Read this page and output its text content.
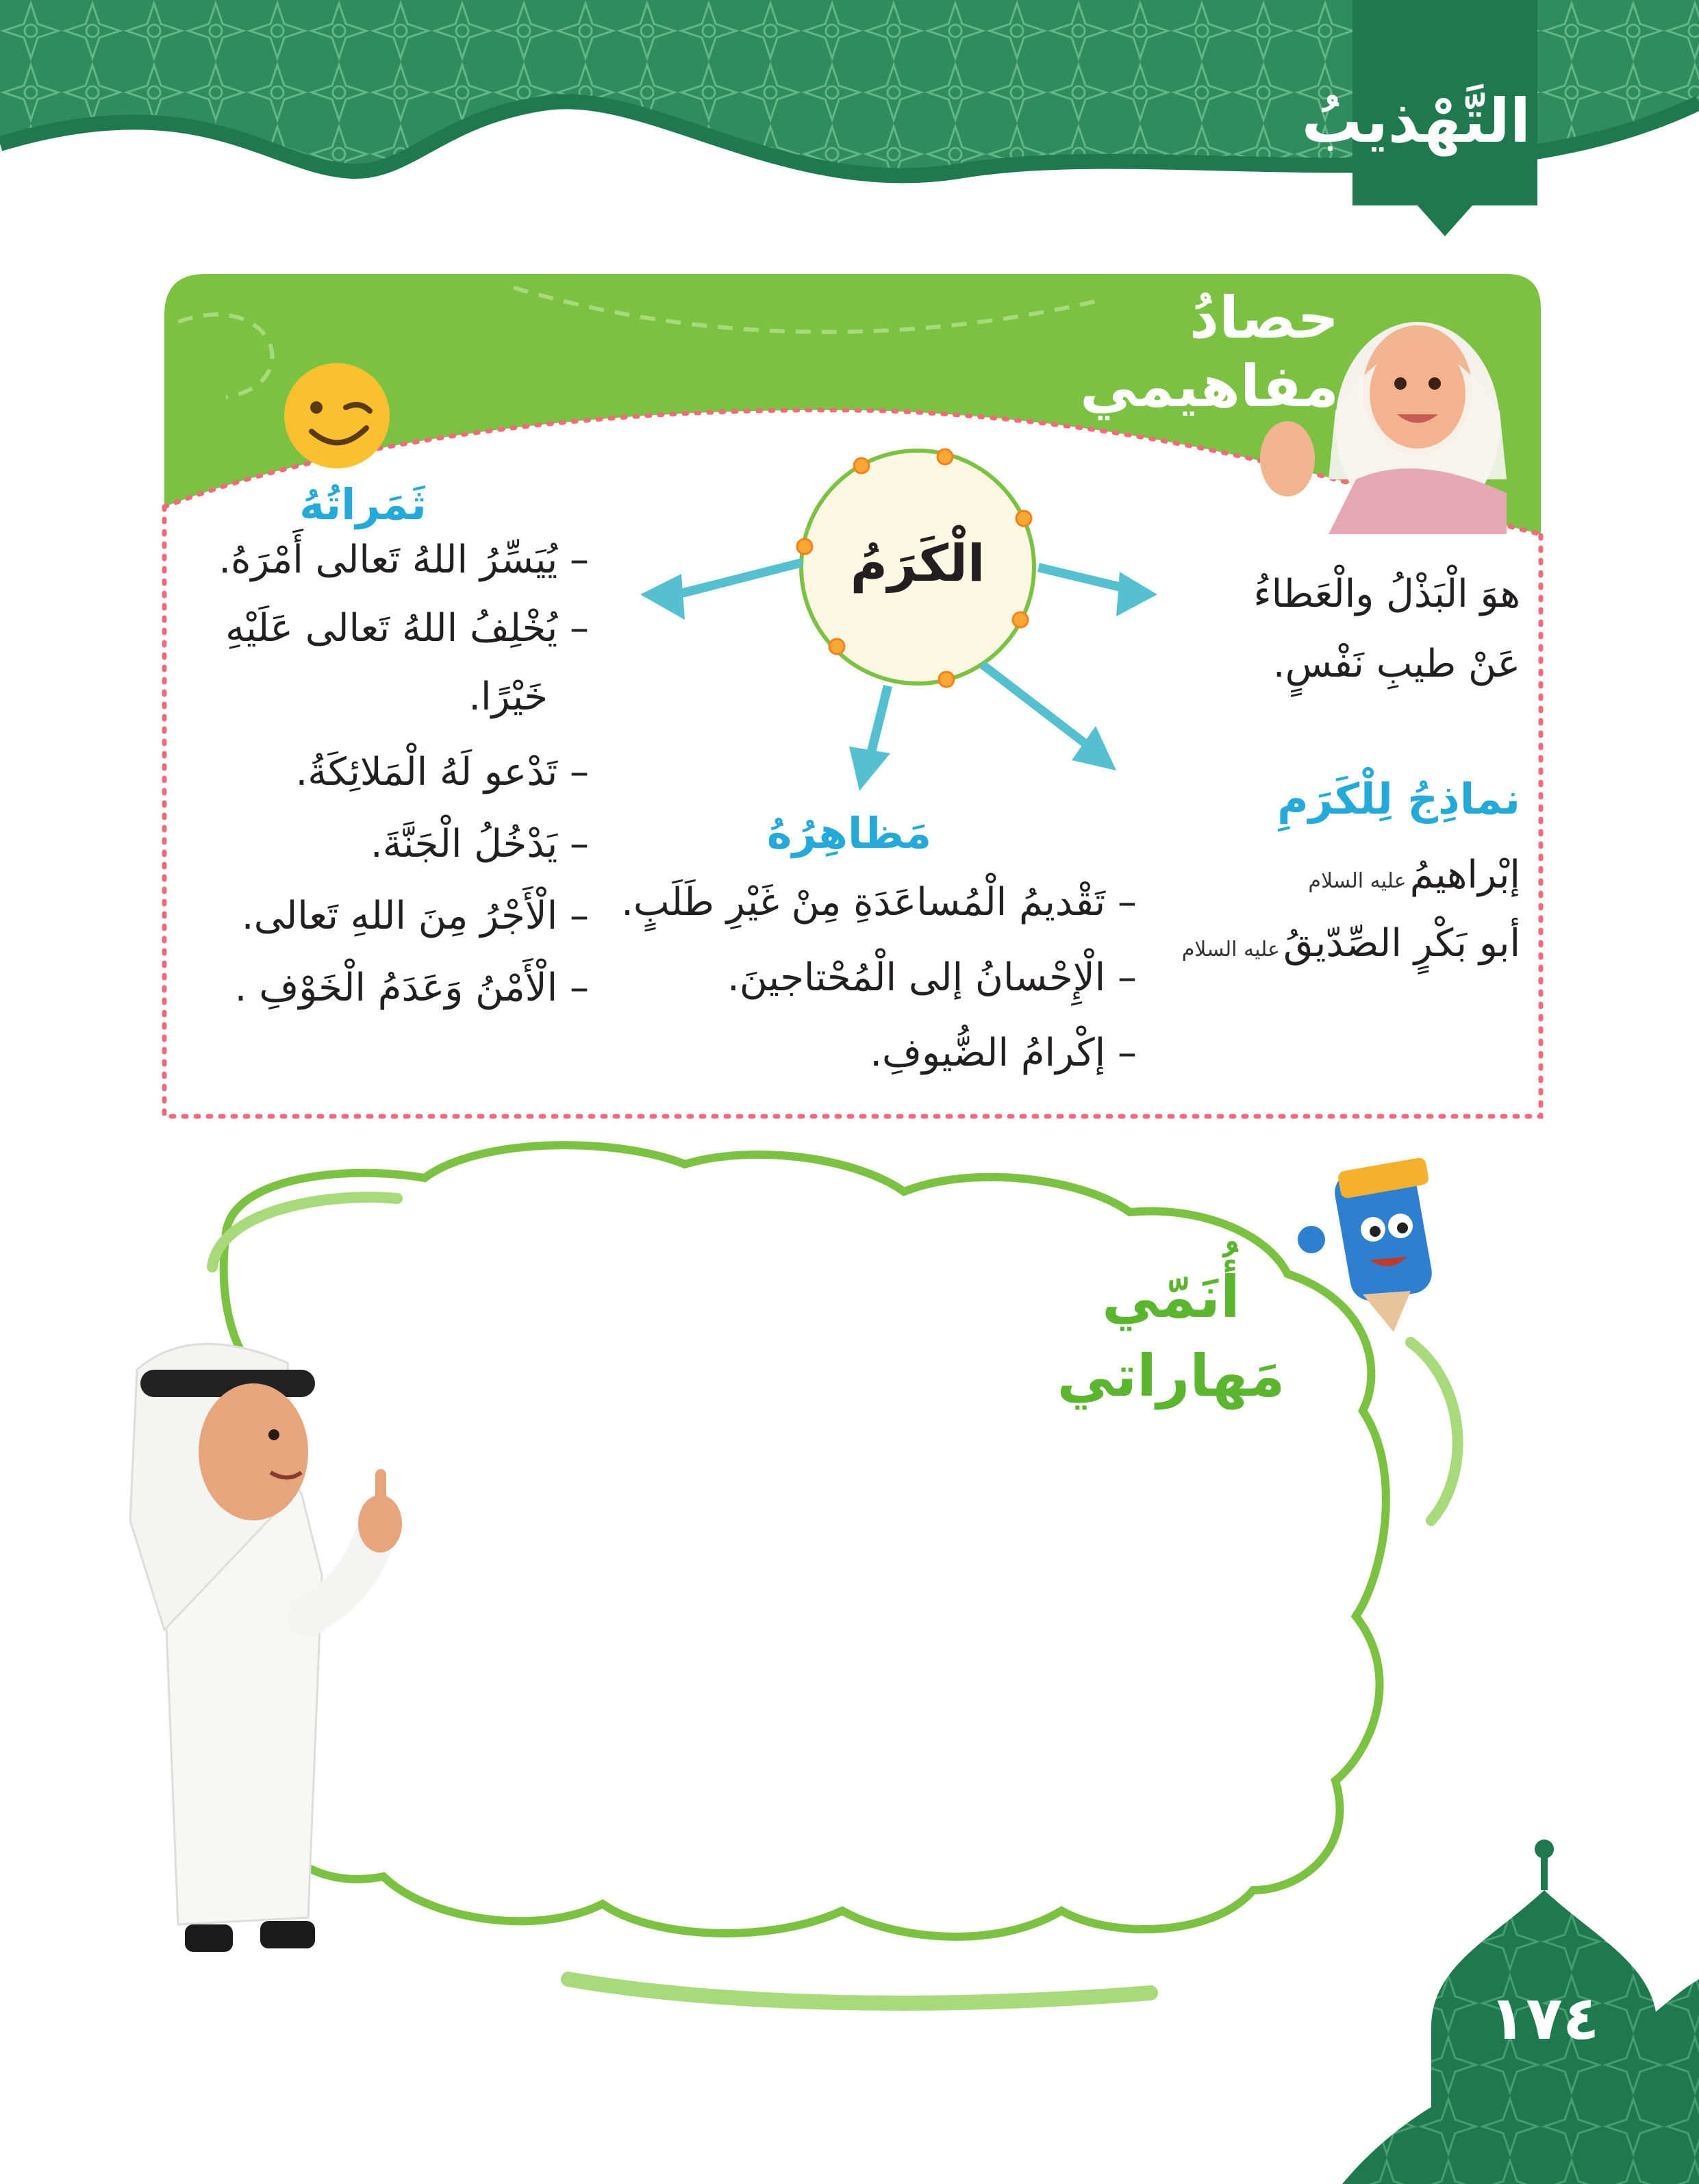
التَّهْذيبُ
حصادُ
مفاهيمي
الْكَرَمُ
ثَمَراتُهُ
– يُيَسِّرُ اللهُ تَعالى أَمْرَهُ.
– يُخْلِفُ اللهُ تَعالى عَلَيْهِ
خَيْرًا.
– تَدْعو لَهُ الْمَلائِكَةُ.
– يَدْخُلُ الْجَنَّةَ.
– الْأَجْرُ مِنَ اللهِ تَعالى.
– الْأَمْنُ وَعَدَمُ الْخَوْفِ .
مَظاهِرُهُ
– تَقْديمُ الْمُساعَدَةِ مِنْ غَيْرِ طَلَبٍ.
– الْإِحْسانُ إلى الْمُحْتاجينَ.
– إكْرامُ الضُّيوفِ.
هوَ الْبَذْلُ والْعَطاءُ
عَنْ طيبِ نَفْسٍ.
نماذِجُ لِلْكَرَمِ
إبْراهيمُ عليه السلام
أبو بَكْرٍ الصِّدّيقُ عليه السلام
أُنَمّي
مَهاراتي
١٧٤
